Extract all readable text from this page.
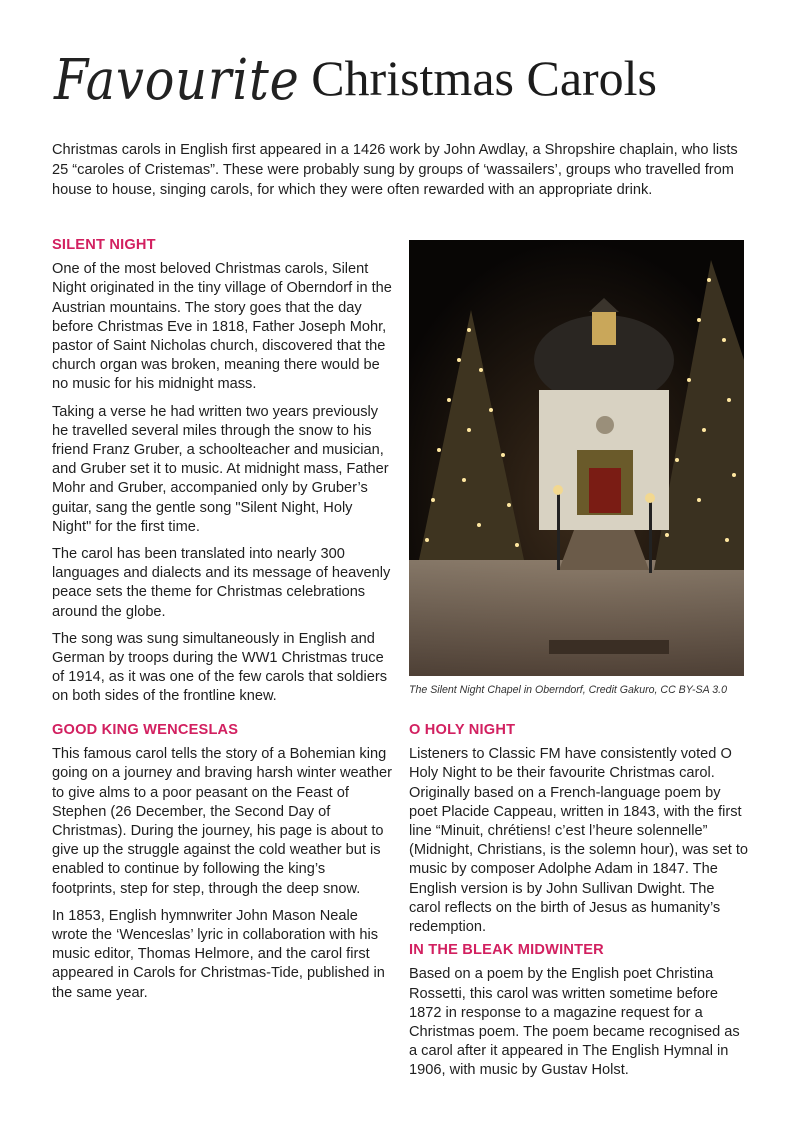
Favourite Christmas Carols

Christmas carols in English first appeared in a 1426 work by John Awdlay, a Shropshire chaplain, who lists 25 “caroles of Cristemas”. These were probably sung by groups of ‘wassailers’, groups who travelled from house to house, singing carols, for which they were often rewarded with an appropriate drink.

SILENT NIGHT

One of the most beloved Christmas carols, Silent Night originated in the tiny village of Oberndorf in the Austrian mountains. The story goes that the day before Christmas Eve in 1818, Father Joseph Mohr, pastor of Saint Nicholas church, discovered that the church organ was broken, meaning there would be no music for his midnight mass.

Taking a verse he had written two years previously he travelled several miles through the snow to his friend Franz Gruber, a schoolteacher and musician, and Gruber set it to music. At midnight mass, Father Mohr and Gruber, accompanied only by Gruber’s guitar, sang the gentle song "Silent Night, Holy Night" for the first time.

The carol has been translated into nearly 300 languages and dialects and its message of heavenly peace sets the theme for Christmas celebrations around the globe.

The song was sung simultaneously in English and German by troops during the WW1 Christmas truce of 1914, as it was one of the few carols that soldiers on both sides of the frontline knew.	The Silent Night Chapel in Oberndorf, Credit Gakuro, CC BY-SA 3.0

GOOD KING WENCESLAS

This famous carol tells the story of a Bohemian king going on a journey and braving harsh winter weather to give alms to a poor peasant on the Feast of Stephen (26 December, the Second Day of Christmas). During the journey, his page is about to give up the struggle against the cold weather but is enabled to continue by following the king’s footprints, step for step, through the deep snow.

In 1853, English hymnwriter John Mason Neale wrote the ‘Wenceslas’ lyric in collaboration with his music editor, Thomas Helmore, and the carol first appeared in Carols for Christmas-Tide, published in the same year.

O HOLY NIGHT

Listeners to Classic FM have consistently voted O Holy Night to be their favourite Christmas carol. Originally based on a French-language poem by poet Placide Cappeau, written in 1843, with the first line “Minuit, chrétiens! c’est l’heure solennelle” (Midnight, Christians, is the solemn hour), was set to music by composer Adolphe Adam in 1847. The English version is by John Sullivan Dwight. The carol reflects on the birth of Jesus as humanity’s redemption.

IN THE BLEAK MIDWINTER

Based on a poem by the English poet Christina Rossetti, this carol was written sometime before 1872 in response to a magazine request for a Christmas poem. The poem became recognised as a carol after it appeared in The English Hymnal in 1906, with music by Gustav Holst.
